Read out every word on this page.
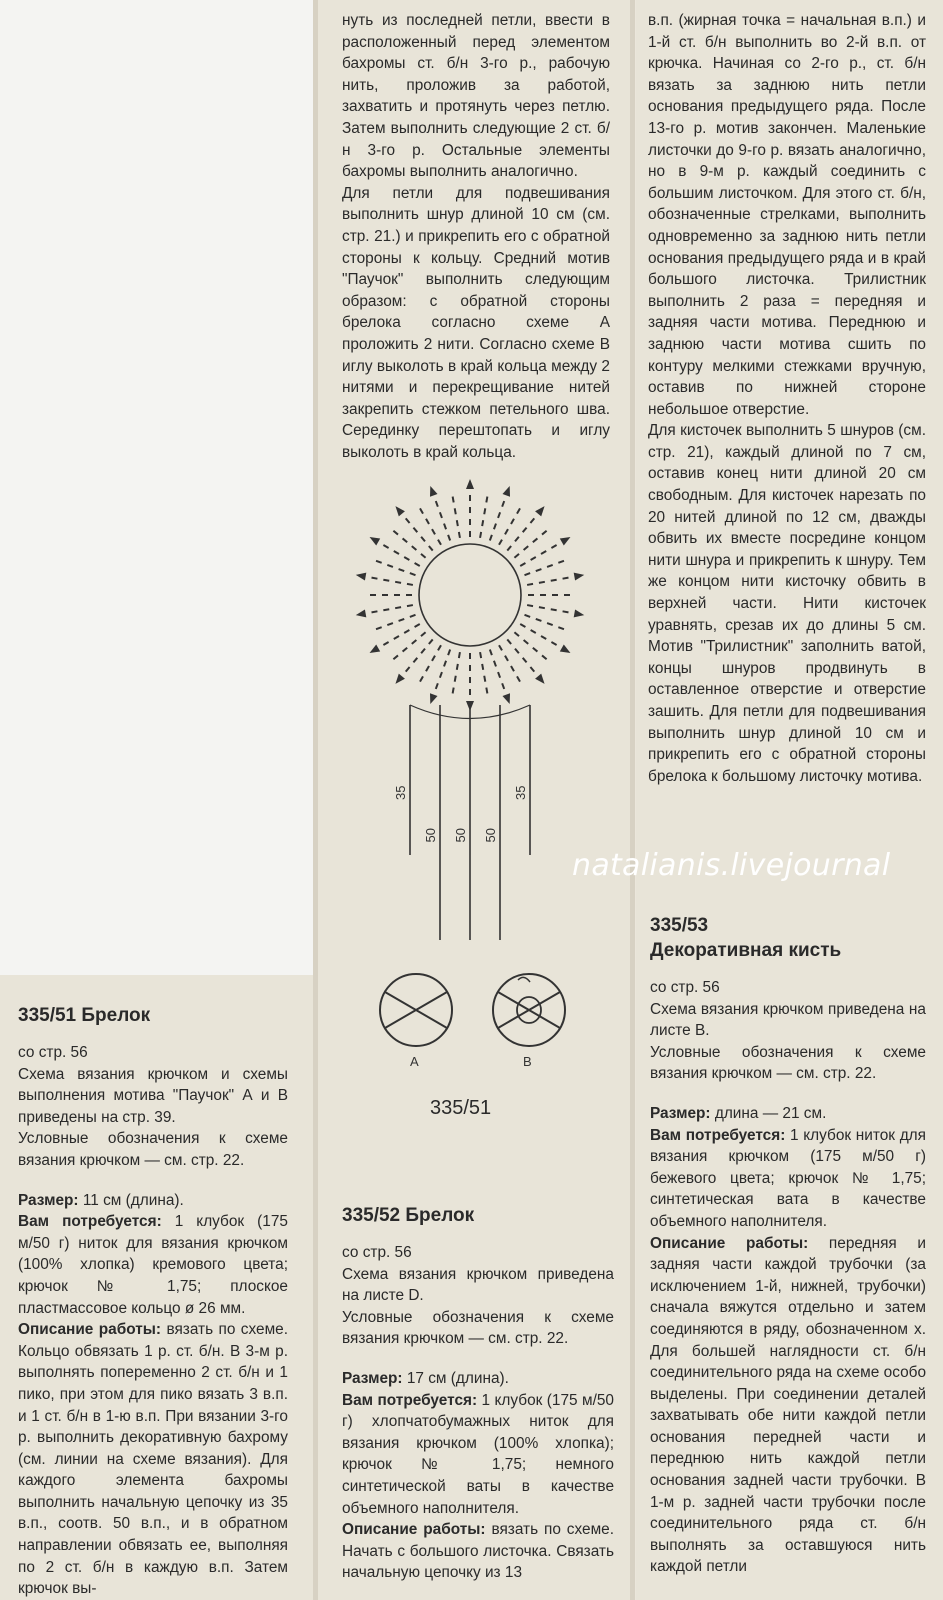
нуть из последней петли, ввести в расположенный перед элементом бахромы ст. б/н 3-го р., рабочую нить, проложив за работой, захватить и протянуть через петлю. Затем выполнить следующие 2 ст. б/н 3-го р. Остальные элементы бахромы выполнить аналогично.

Для петли для подвешивания выполнить шнур длиной 10 см (см. стр. 21.) и прикрепить его с обратной стороны к кольцу. Средний мотив "Паучок" выполнить следующим образом: с обратной стороны брелока согласно схеме А проложить 2 нити. Согласно схеме В иглу выколоть в край кольца между 2 нитями и перекрещивание нитей закрепить стежком петельного шва. Серединку перештопать и иглу выколоть в край кольца.

35
50 50 50
35
A	B
335/51

в.п. (жирная точка = начальная в.п.) и 1-й ст. б/н выполнить во 2-й в.п. от крючка. Начиная со 2-го р., ст. б/н вязать за заднюю нить петли основания предыдущего ряда. После 13-го р. мотив закончен. Маленькие листочки до 9-го р. вязать аналогично, но в 9-м р. каждый соединить с большим листочком. Для этого ст. б/н, обозначенные стрелками, выполнить одновременно за заднюю нить петли основания предыдущего ряда и в край большого листочка. Трилистник выполнить 2 раза = передняя и задняя части мотива. Переднюю и заднюю части мотива сшить по контуру мелкими стежками вручную, оставив по нижней стороне небольшое отверстие.

Для кисточек выполнить 5 шнуров (см. стр. 21), каждый длиной по 7 см, оставив конец нити длиной 20 см свободным. Для кисточек нарезать по 20 нитей длиной по 12 см, дважды обвить их вместе посредине концом нити шнура и прикрепить к шнуру. Тем же концом нити кисточку обвить в верхней части. Нити кисточек уравнять, срезав их до длины 5 см. Мотив "Трилистник" заполнить ватой, концы шнуров продвинуть в оставленное отверстие и отверстие зашить. Для петли для подвешивания выполнить шнур длиной 10 см и прикрепить его с обратной стороны брелока к большому листочку мотива.

natalianis.livejournal
335/51 Брелок

со стр. 56

Схема вязания крючком и схемы выполнения мотива "Паучок" А и В приведены на стр. 39.

Условные обозначения к схеме вязания крючком — см. стр. 22.

Размер: 11 см (длина).

Вам потребуется: 1 клубок (175 м/50 г) ниток для вязания крючком (100% хлопка) кремового цвета; крючок № 1,75; плоское пластмассовое кольцо ø 26 мм.

Описание работы: вязать по схеме. Кольцо обвязать 1 р. ст. б/н. В 3-м р. выполнять попеременно 2 ст. б/н и 1 пико, при этом для пико вязать 3 в.п. и 1 ст. б/н в 1-ю в.п. При вязании 3-го р. выполнить декоративную бахрому (см. линии на схеме вязания). Для каждого элемента бахромы выполнить начальную цепочку из 35 в.п., соотв. 50 в.п., и в обратном направлении обвязать ее, выполняя по 2 ст. б/н в каждую в.п. Затем крючок вы-

335/52 Брелок

со стр. 56

Схема вязания крючком приведена на листе D.

Условные обозначения к схеме вязания крючком — см. стр. 22.

Размер: 17 см (длина).

Вам потребуется: 1 клубок (175 м/50 г) хлопчатобумажных ниток для вязания крючком (100% хлопка); крючок № 1,75; немного синтетической ваты в качестве объемного наполнителя.

Описание работы: вязать по схеме. Начать с большого листочка. Связать начальную цепочку из 13

335/53
Декоративная кисть

со стр. 56

Схема вязания крючком приведена на листе В.

Условные обозначения к схеме вязания крючком — см. стр. 22.

Размер: длина — 21 см.

Вам потребуется: 1 клубок ниток для вязания крючком (175 м/50 г) бежевого цвета; крючок № 1,75; синтетическая вата в качестве объемного наполнителя.

Описание работы: передняя и задняя части каждой трубочки (за исключением 1-й, нижней, трубочки) сначала вяжутся отдельно и затем соединяются в ряду, обозначенном х. Для большей наглядности ст. б/н соединительного ряда на схеме особо выделены. При соединении деталей захватывать обе нити каждой петли основания передней части и переднюю нить каждой петли основания задней части трубочки. В 1-м р. задней части трубочки после соединительного ряда ст. б/н выполнять за оставшуюся нить каждой петли
